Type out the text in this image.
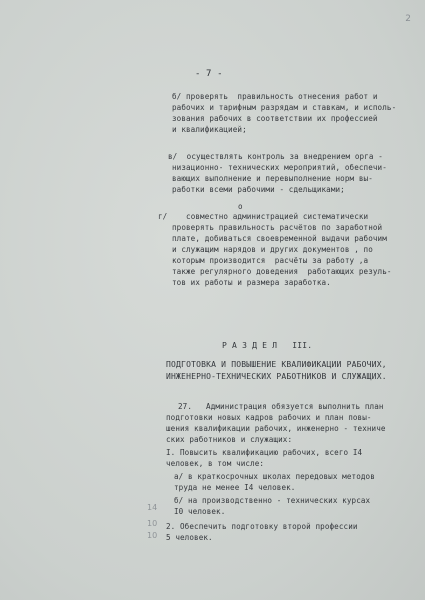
2
- 7 -
б/ проверять  правильность отнесения работ и
рабочих и тарифным разрядам и ставкам, и исполь-
зования рабочих в соответствии их профессией
и квалификацией;
в/  осуществлять контроль за внедрением орга -
низационно- технических мероприятий, обеспечи-
вающих выполнение и перевыполнение норм вы-
работки всеми рабочими - сдельщиками;
о
г/    совместно администрацией систематически
проверять правильность расчётов по заработной
плате, добиваться своевременной выдачи рабочим
и служащим нарядов и других документов , по
которым производится  расчёты за работу ,а
также регулярного доведения  работающих резуль-
тов их работы и размера заработка.
Р А З Д Е Л   III.
ПОДГОТОВКА И ПОВЫШЕНИЕ КВАЛИФИКАЦИИ РАБОЧИХ,
ИНЖЕНЕРНО-ТЕХНИЧЕСКИХ РАБОТНИКОВ И СЛУЖАЩИХ.
27.   Администрация обязуется выполнить план
подготовки новых кадров рабочих и план повы-
шения квалификации рабочих, инженерно - техниче
ских работников и служащих:
I. Повысить квалификацию рабочих, всего I4
человек, в том числе:
а/ в краткосрочных школах передовых методов
труда не менее I4 человек.
б/ на производственно - технических курсах
I0 человек.
2. Обеспечить подготовку второй профессии
5 человек.
14
10
10
